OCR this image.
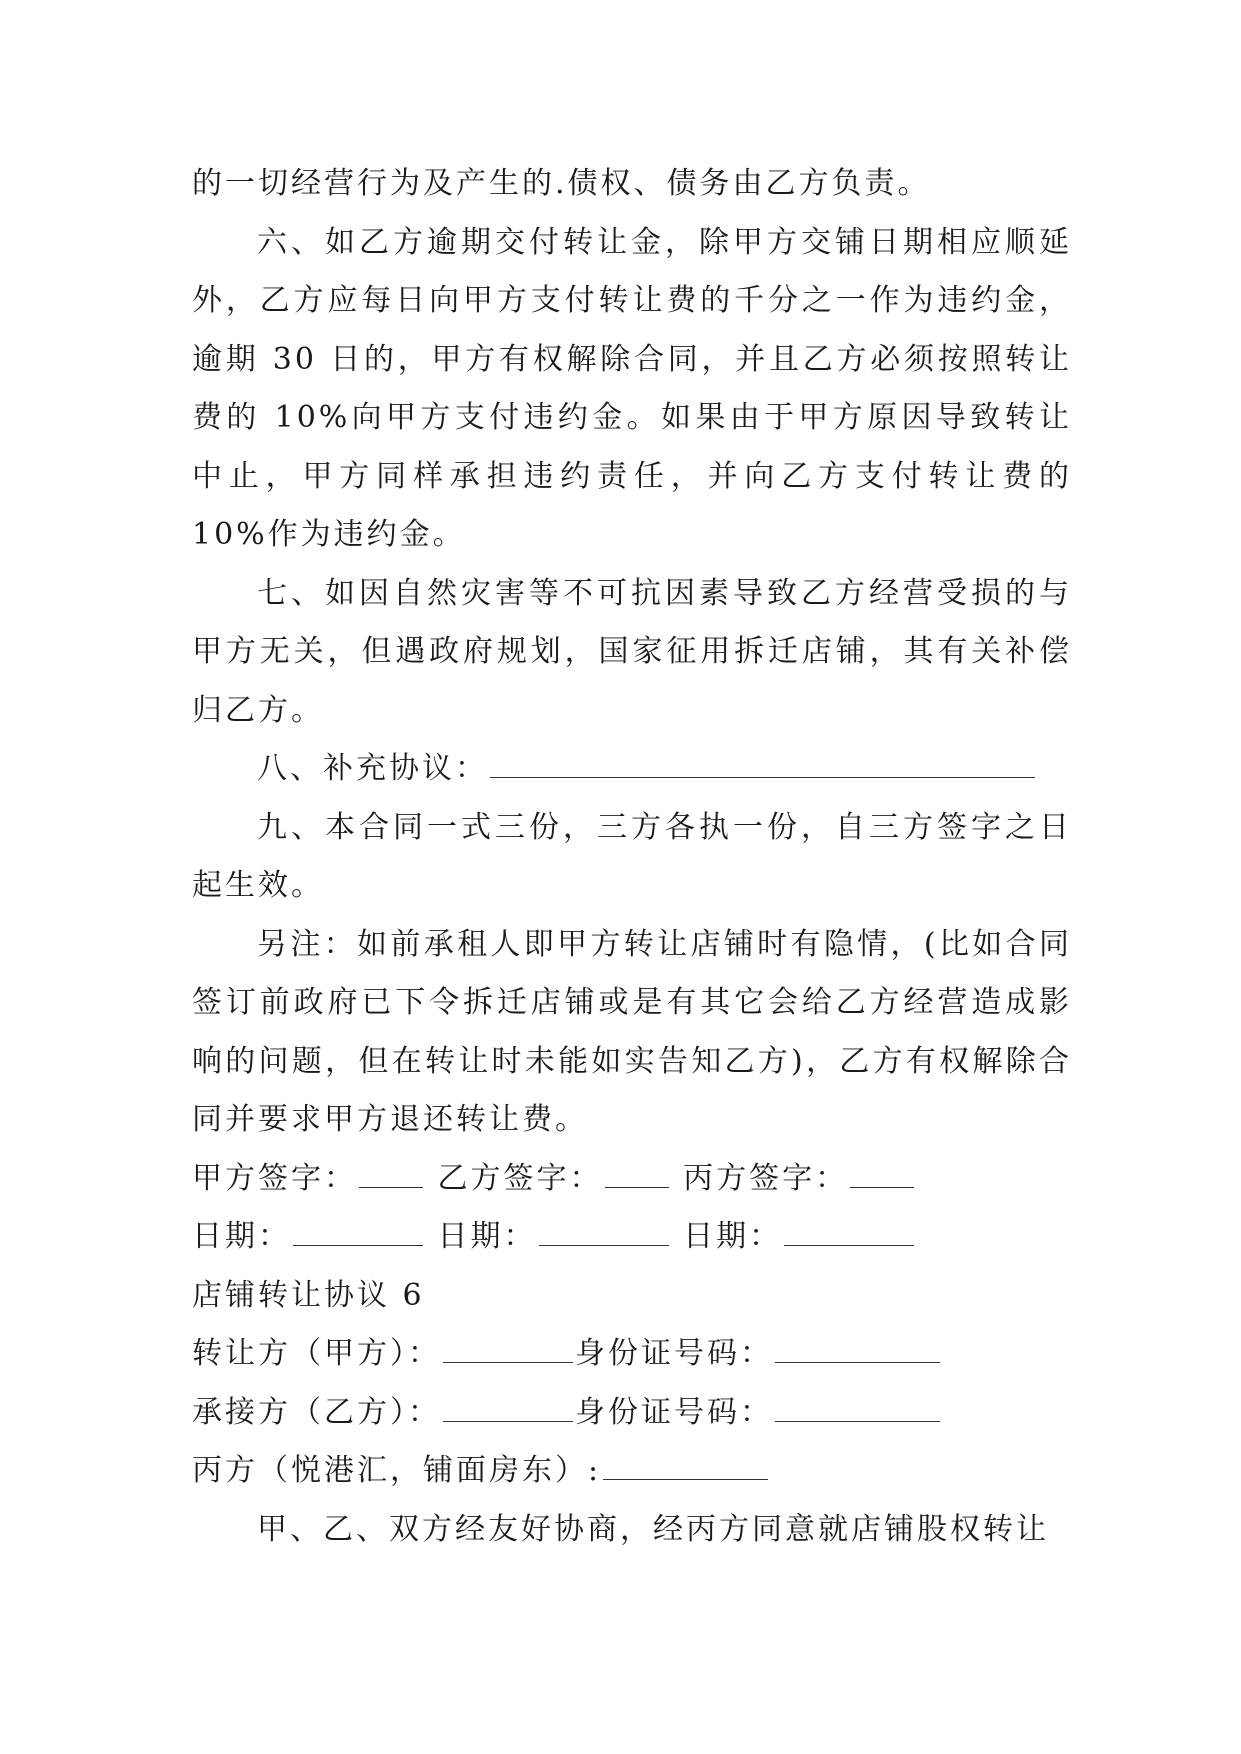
的一切经营行为及产生的.债权、债务由乙方负责。

六、如乙方逾期交付转让金，除甲方交铺日期相应顺延外，乙方应每日向甲方支付转让费的千分之一作为违约金，逾期 30 日的，甲方有权解除合同，并且乙方必须按照转让费的 10%向甲方支付违约金。如果由于甲方原因导致转让中止，甲方同样承担违约责任，并向乙方支付转让费的 10%作为违约金。

七、如因自然灾害等不可抗因素导致乙方经营受损的与甲方无关，但遇政府规划，国家征用拆迁店铺，其有关补偿归乙方。

八、补充协议：

九、本合同一式三份，三方各执一份，自三方签字之日起生效。

另注：如前承租人即甲方转让店铺时有隐情，(比如合同签订前政府已下令拆迁店铺或是有其它会给乙方经营造成影响的问题，但在转让时未能如实告知乙方)，乙方有权解除合同并要求甲方退还转让费。

甲方签字：	乙方签字：	丙方签字：

日期：	日期：	日期：

店铺转让协议 6

转让方（甲方）：	身份证号码：

承接方（乙方）：	身份证号码：

丙方（悦港汇，铺面房东）:

甲、乙、双方经友好协商，经丙方同意就店铺股权转让
